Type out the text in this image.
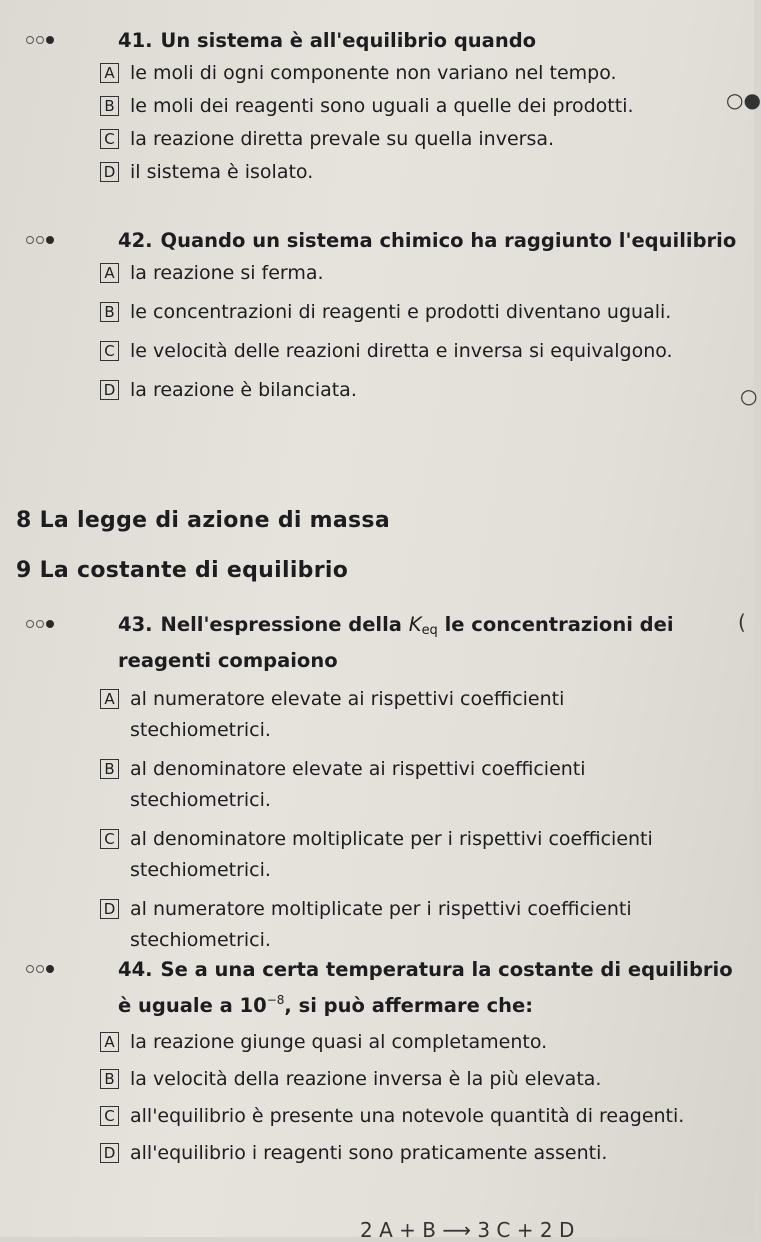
41. Un sistema è all'equilibrio quando
A le moli di ogni componente non variano nel tempo.
B le moli dei reagenti sono uguali a quelle dei prodotti.
C la reazione diretta prevale su quella inversa.
D il sistema è isolato.
42. Quando un sistema chimico ha raggiunto l'equilibrio
A la reazione si ferma.
B le concentrazioni di reagenti e prodotti diventano uguali.
C le velocità delle reazioni diretta e inversa si equivalgono.
D la reazione è bilanciata.
8 La legge di azione di massa
9 La costante di equilibrio
43. Nell'espressione della $K_{eq}$ le concentrazioni dei reagenti compaiono
A al numeratore elevate ai rispettivi coefficienti stechiometrici.
B al denominatore elevate ai rispettivi coefficienti stechiometrici.
C al denominatore moltiplicate per i rispettivi coefficienti stechiometrici.
D al numeratore moltiplicate per i rispettivi coefficienti stechiometrici.
44. Se a una certa temperatura la costante di equilibrio è uguale a $10^{-8}$, si può affermare che:
A la reazione giunge quasi al completamento.
B la velocità della reazione inversa è la più elevata.
C all'equilibrio è presente una notevole quantità di reagenti.
D all'equilibrio i reagenti sono praticamente assenti.
○●
○
(
2 A + B ⟶ 3 C + 2 D
